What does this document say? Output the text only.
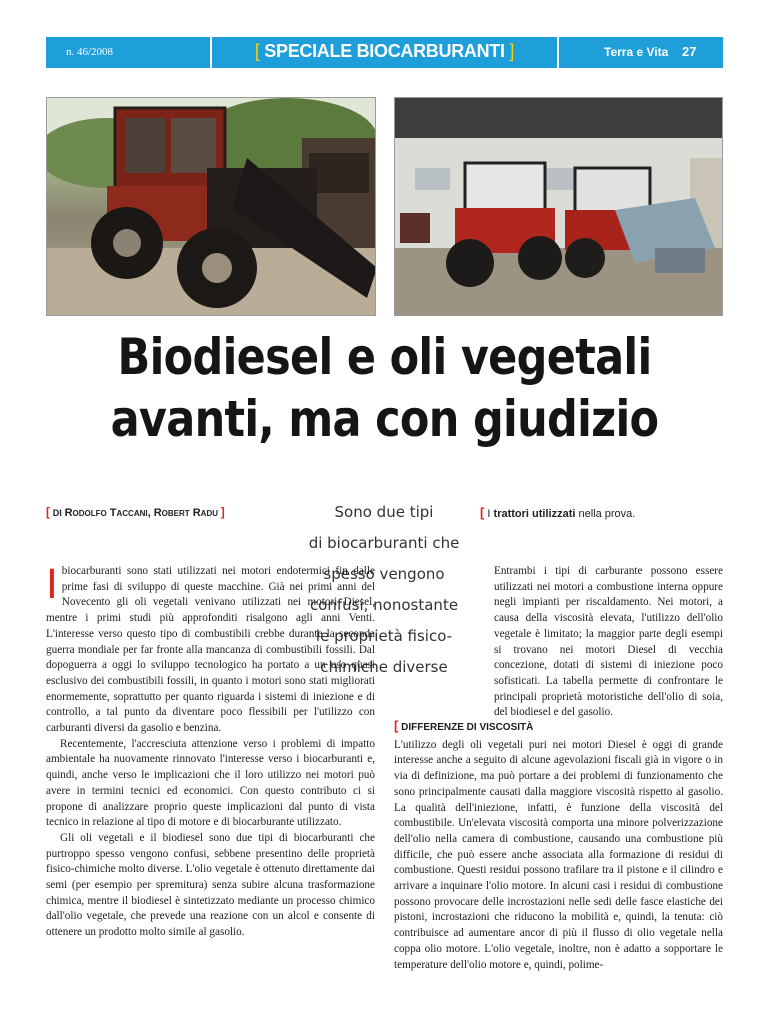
n. 46/2008	[ SPECIALE BIOCARBURANTI ]	Terra e Vita 27
Biodiesel e oli vegetali
avanti, ma con giudizio
[ DI Rodolfo Taccani, Robert Radu ]	Sono due tipi
di biocarburanti che
spesso vengono
confusi, nonostante
le proprietà fisico-
chimiche diverse
[ I trattori utilizzati nella prova.

Ibiocarburanti sono stati utilizzati nei motori endotermici fin dalle prime fasi di sviluppo di queste macchine. Già nei primi anni del Novecento gli oli vegetali venivano utilizzati nei motori Diesel, mentre i primi studi più approfonditi risalgono agli anni Venti. L'interesse verso questo tipo di combustibili crebbe durante la seconda guerra mondiale per far fronte alla mancanza di combustibili fossili. Dal dopoguerra a oggi lo sviluppo tecnologico ha portato a un uso quasi esclusivo dei combustibili fossili, in quanto i motori sono stati migliorati enormemente, soprattutto per quanto riguarda i sistemi di iniezione e di controllo, a tal punto da diventare poco flessibili per l'utilizzo con carburanti diversi da gasolio e benzina.

Recentemente, l'accresciuta attenzione verso i problemi di impatto ambientale ha nuovamente rinnovato l'interesse verso i biocarburanti e, quindi, anche verso le implicazioni che il loro utilizzo nei motori può avere in termini tecnici ed economici. Con questo contributo ci si propone di analizzare proprio queste implicazioni dal punto di vista tecnico in relazione al tipo di motore e di biocarburante utilizzato.

Gli oli vegetali e il biodiesel sono due tipi di biocarburanti che purtroppo spesso vengono confusi, sebbene presentino delle proprietà fisico-chimiche molto diverse. L'olio vegetale è ottenuto direttamente dai semi (per esempio per spremitura) senza subire alcuna trasformazione chimica, mentre il biodiesel è sintetizzato mediante un processo chimico dall'olio vegetale, che prevede una reazione con un alcol e consente di ottenere un prodotto molto simile al gasolio.

Entrambi i tipi di carburante possono essere utilizzati nei motori a combustione interna oppure negli impianti per riscaldamento. Nei motori, a causa della viscosità elevata, l'utilizzo dell'olio vegetale è limitato; la maggior parte degli esempi si trovano nei motori Diesel di vecchia concezione, dotati di sistemi di iniezione poco sofisticati. La tabella permette di confrontare le principali proprietà motoristiche dell'olio di soia, del biodiesel e del gasolio.

[ DIFFERENZE DI VISCOSITÀ

L'utilizzo degli oli vegetali puri nei motori Diesel è oggi di grande interesse anche a seguito di alcune agevolazioni fiscali già in vigore o in via di definizione, ma può portare a dei problemi di funzionamento che sono principalmente causati dalla maggiore viscosità rispetto al gasolio. La qualità dell'iniezione, infatti, è funzione della viscosità del combustibile. Un'elevata viscosità comporta una minore polverizzazione dell'olio nella camera di combustione, causando una combustione più difficile, che può essere anche associata alla formazione di residui di combustione. Questi residui possono trafilare tra il pistone e il cilindro e arrivare a inquinare l'olio motore. In alcuni casi i residui di combustione possono provocare delle incrostazioni nelle sedi delle fasce elastiche dei pistoni, incrostazioni che riducono la mobilità e, quindi, la tenuta: ciò contribuisce ad aumentare ancor di più il flusso di olio vegetale nella coppa olio motore. L'olio vegetale, inoltre, non è adatto a sopportare le temperature dell'olio motore e, quindi, polime-
